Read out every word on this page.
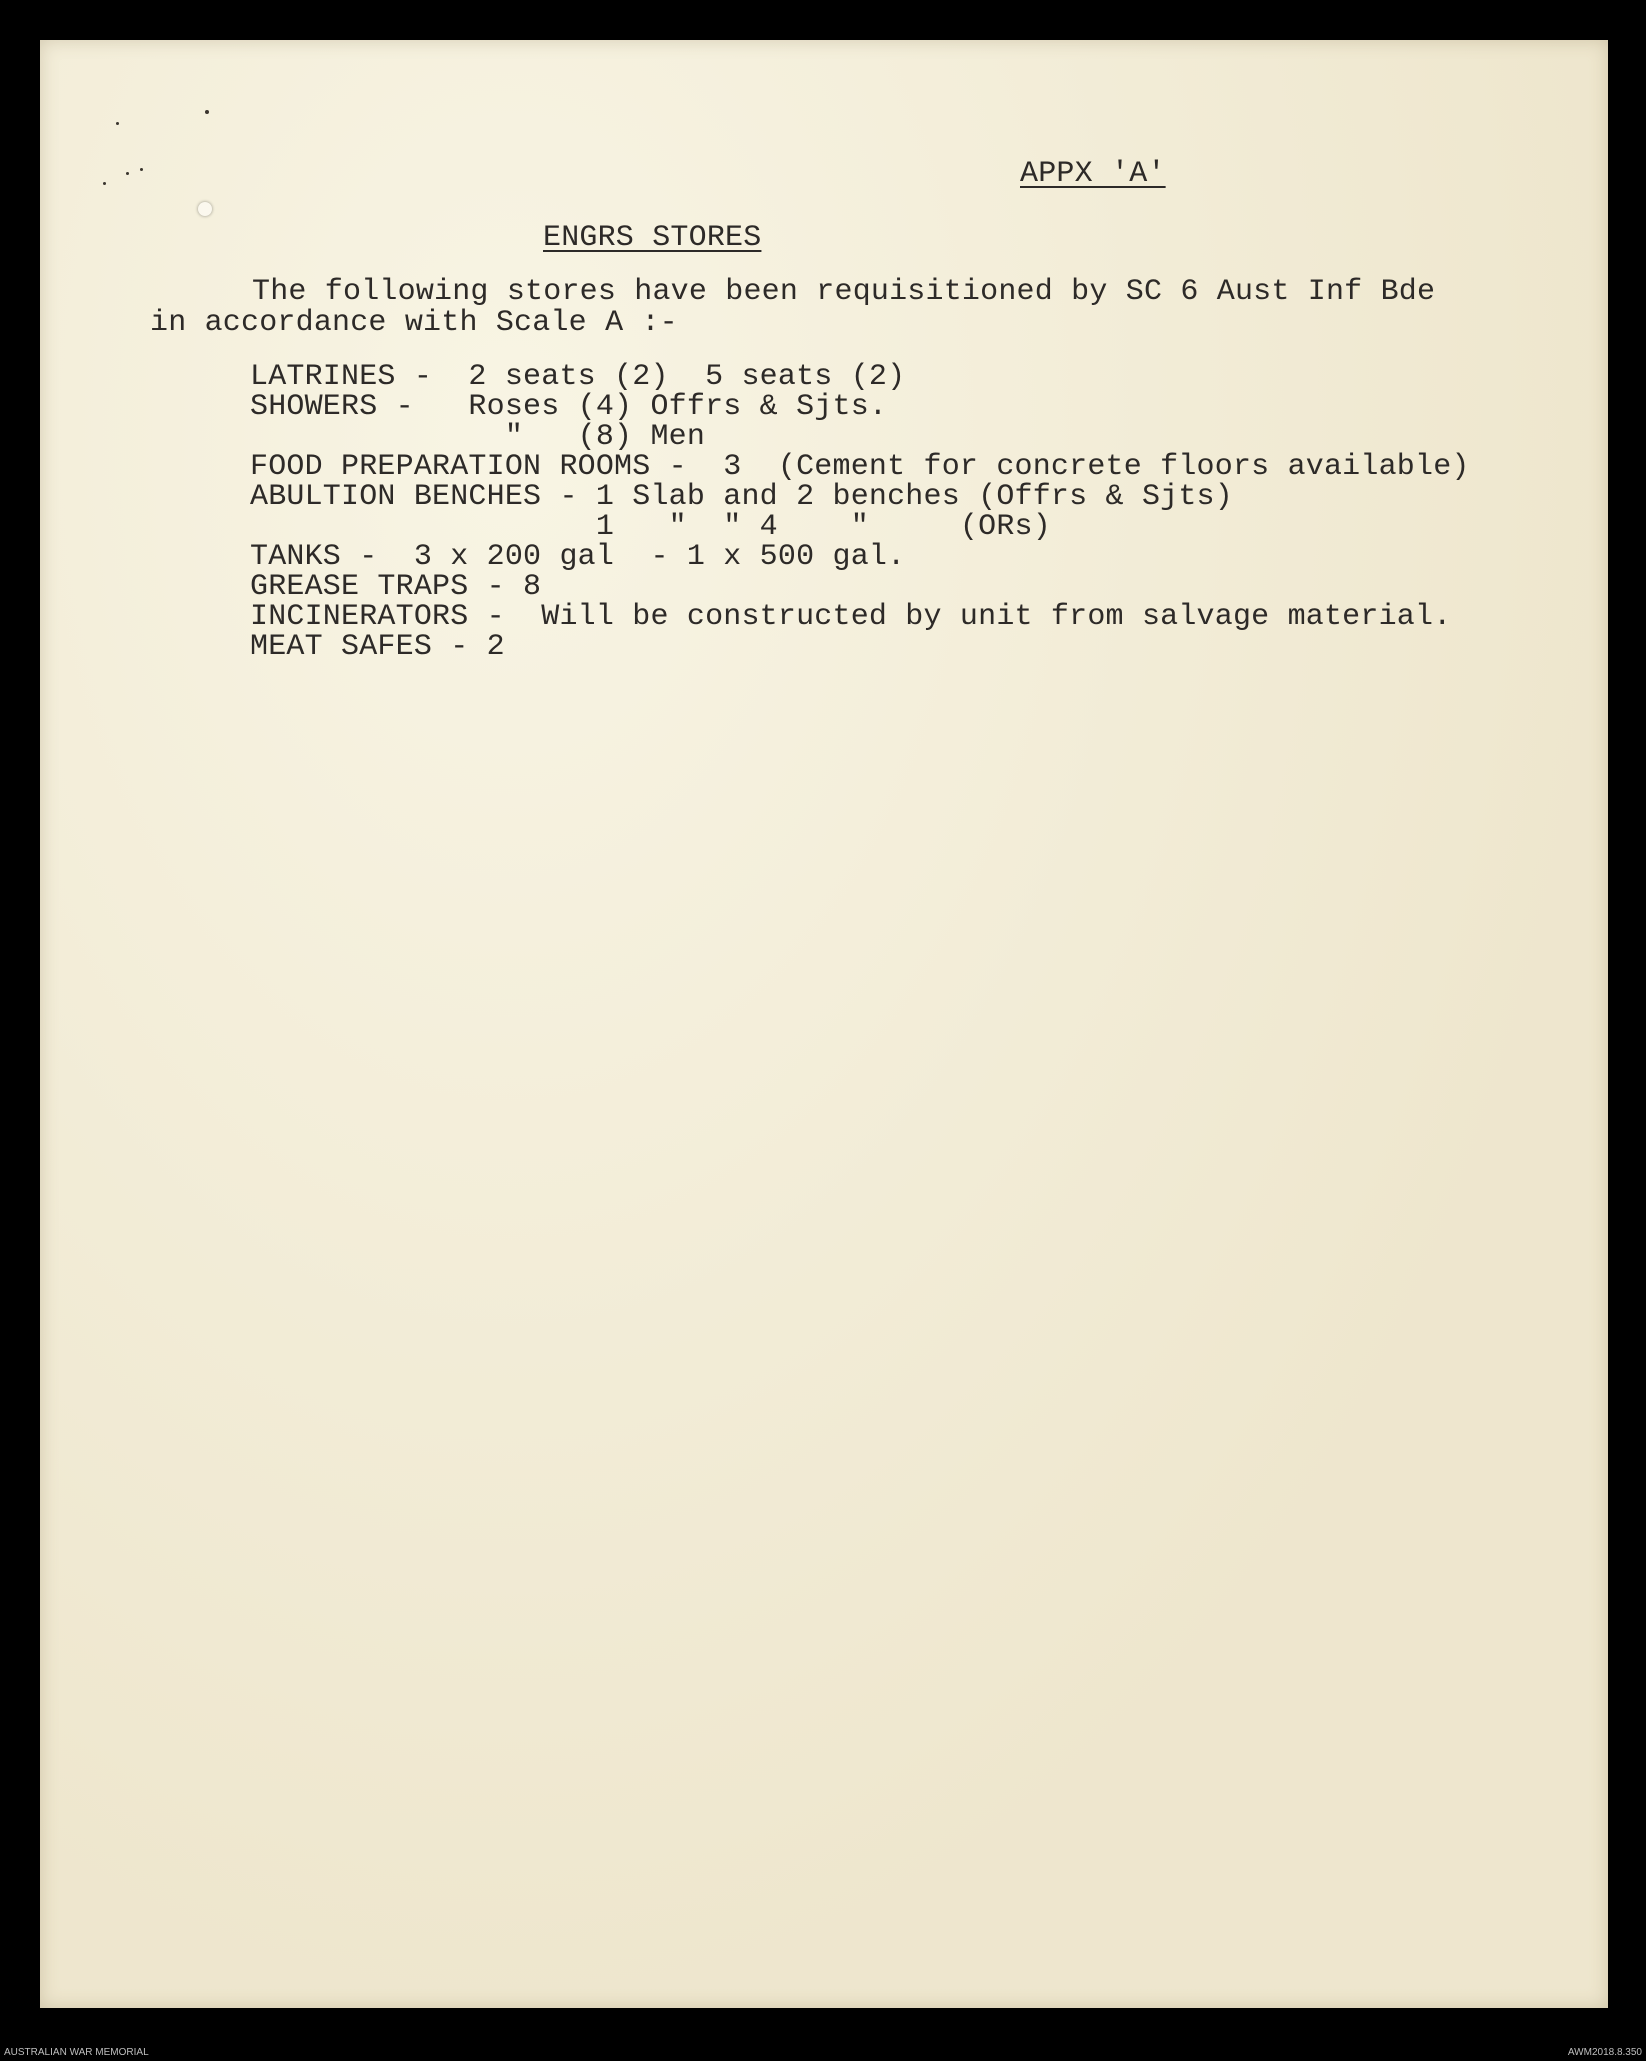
APPX 'A'

ENGRS STORES

The following stores have been requisitioned by SC 6 Aust Inf Bde

in accordance with Scale A :-

LATRINES -  2 seats (2)  5 seats (2)

SHOWERS -   Roses (4) Offrs & Sjts.

"   (8) Men

FOOD PREPARATION ROOMS -  3  (Cement for concrete floors available)

ABULTION BENCHES - 1 Slab and 2 benches (Offrs & Sjts)

1   "  " 4    "     (ORs)

TANKS -  3 x 200 gal  - 1 x 500 gal.

GREASE TRAPS - 8

INCINERATORS -  Will be constructed by unit from salvage material.

MEAT SAFES - 2

AUSTRALIAN WAR MEMORIAL	AWM2018.8.350
